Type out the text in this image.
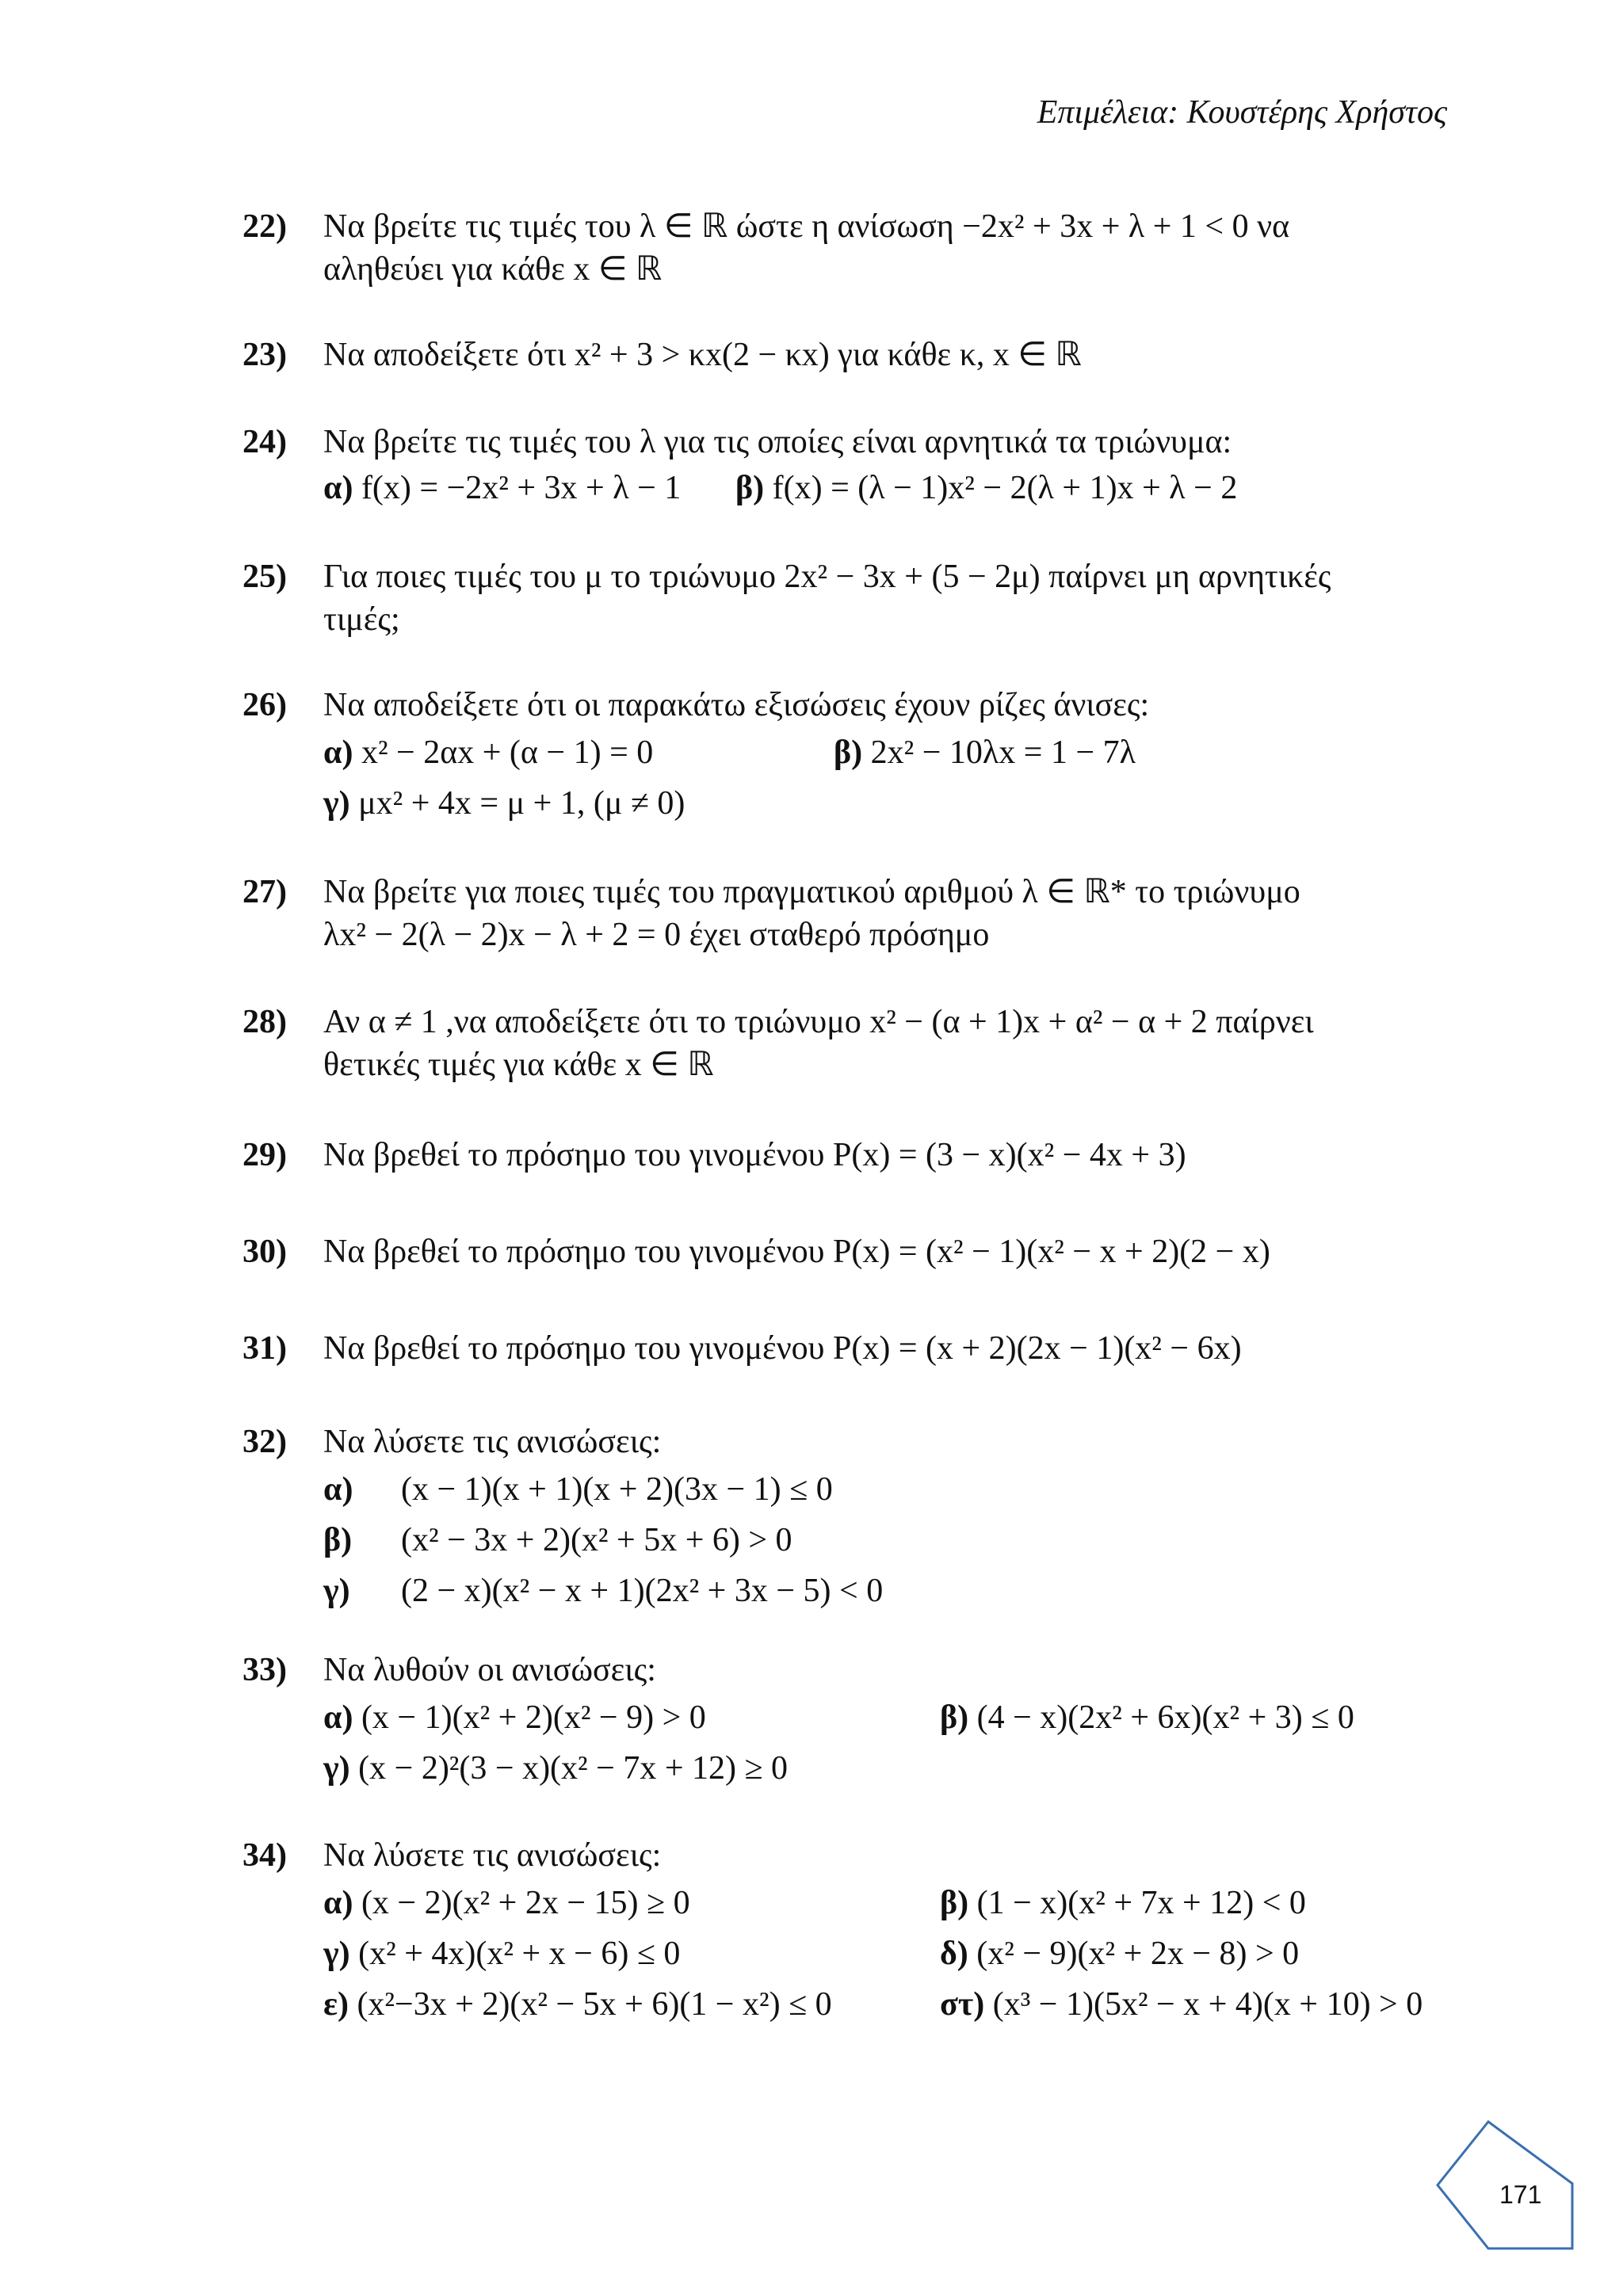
Επιμέλεια: Κουστέρης Χρήστος
22) Να βρείτε τις τιμές του λ ∈ ℝ ώστε η ανίσωση −2x² + 3x + λ + 1 < 0 να
αληθεύει για κάθε x ∈ ℝ
23) Να αποδείξετε ότι x² + 3 > κx(2 − κx) για κάθε κ, x ∈ ℝ
24) Να βρείτε τις τιμές του λ για τις οποίες είναι αρνητικά τα τριώνυμα:
α) f(x) = −2x² + 3x + λ − 1 β) f(x) = (λ − 1)x² − 2(λ + 1)x + λ − 2
25) Για ποιες τιμές του μ το τριώνυμο 2x² − 3x + (5 − 2μ) παίρνει μη αρνητικές
τιμές;
26) Να αποδείξετε ότι οι παρακάτω εξισώσεις έχουν ρίζες άνισες:
α) x² − 2αx + (α − 1) = 0	β) 2x² − 10λx = 1 − 7λ
γ) μx² + 4x = μ + 1, (μ ≠ 0)
27) Να βρείτε για ποιες τιμές του πραγματικού αριθμού λ ∈ ℝ* το τριώνυμο
λx² − 2(λ − 2)x − λ + 2 = 0 έχει σταθερό πρόσημο
28) Αν α ≠ 1 ,να αποδείξετε ότι το τριώνυμο x² − (α + 1)x + α² − α + 2 παίρνει
θετικές τιμές για κάθε x ∈ ℝ
29) Να βρεθεί το πρόσημο του γινομένου P(x) = (3 − x)(x² − 4x + 3)
30) Να βρεθεί το πρόσημο του γινομένου P(x) = (x² − 1)(x² − x + 2)(2 − x)
31) Να βρεθεί το πρόσημο του γινομένου P(x) = (x + 2)(2x − 1)(x² − 6x)
32) Να λύσετε τις ανισώσεις:
α) (x − 1)(x + 1)(x + 2)(3x − 1) ≤ 0
β) (x² − 3x + 2)(x² + 5x + 6) > 0
γ) (2 − x)(x² − x + 1)(2x² + 3x − 5) < 0
33) Να λυθούν οι ανισώσεις:
α) (x − 1)(x² + 2)(x² − 9) > 0	β) (4 − x)(2x² + 6x)(x² + 3) ≤ 0
γ) (x − 2)²(3 − x)(x² − 7x + 12) ≥ 0
34) Να λύσετε τις ανισώσεις:
α) (x − 2)(x² + 2x − 15) ≥ 0	β) (1 − x)(x² + 7x + 12) < 0
γ) (x² + 4x)(x² + x − 6) ≤ 0	δ) (x² − 9)(x² + 2x − 8) > 0
ε) (x²−3x + 2)(x² − 5x + 6)(1 − x²) ≤ 0	στ) (x³ − 1)(5x² − x + 4)(x + 10) > 0
171
